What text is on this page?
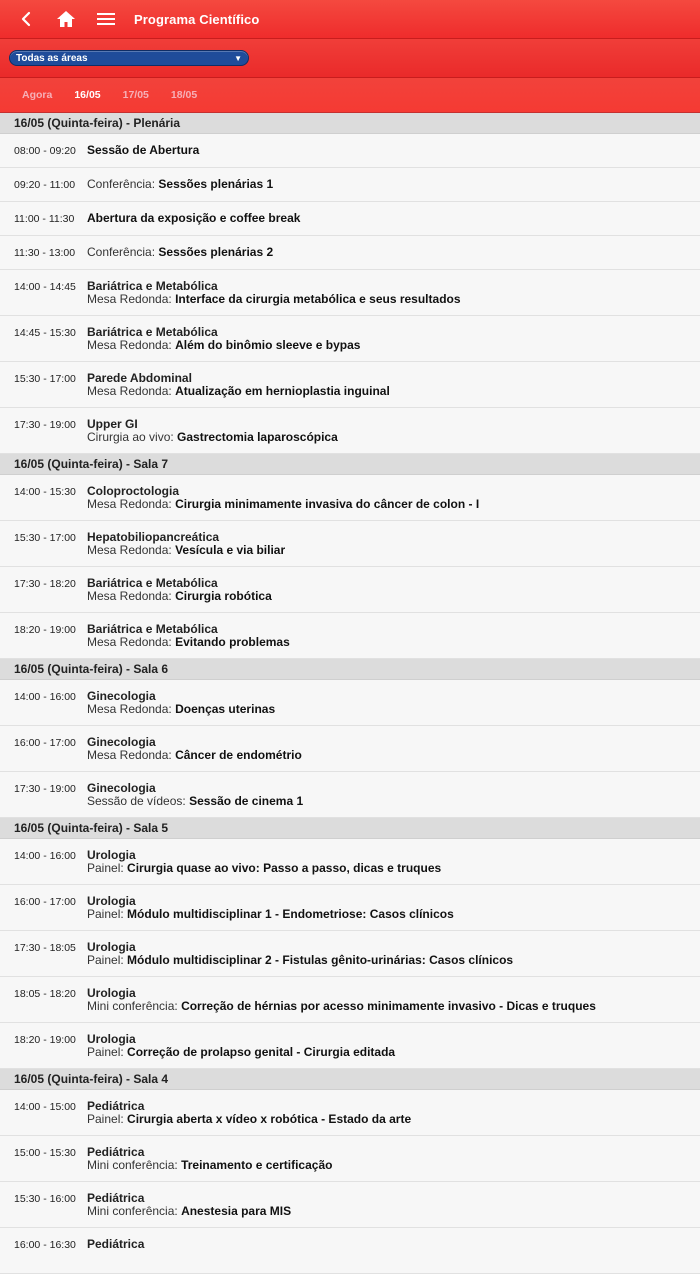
Programa Científico
Todas as áreas	▼
Agora 16/05 17/05 18/05
16/05 (Quinta-feira) - Plenária
08:00 - 09:20 Sessão de Abertura
09:20 - 11:00 Conferência: Sessões plenárias 1
11:00 - 11:30	Abertura da exposição e coffee break
11:30 - 13:00 Conferência: Sessões plenárias 2
14:00 - 14:45 Bariátrica e Metabólica
Mesa Redonda: Interface da cirurgia metabólica e seus resultados
14:45 - 15:30 Bariátrica e Metabólica
Mesa Redonda: Além do binômio sleeve e bypas
15:30 - 17:00 Parede Abdominal
Mesa Redonda: Atualização em hernioplastia inguinal
17:30 - 19:00 Upper GI
Cirurgia ao vivo: Gastrectomia laparoscópica
16/05 (Quinta-feira) - Sala 7
14:00 - 15:30 Coloproctologia
Mesa Redonda: Cirurgia minimamente invasiva do câncer de colon - I
15:30 - 17:00 Hepatobiliopancreática
Mesa Redonda: Vesícula e via biliar
17:30 - 18:20 Bariátrica e Metabólica
Mesa Redonda: Cirurgia robótica
18:20 - 19:00 Bariátrica e Metabólica
Mesa Redonda: Evitando problemas
16/05 (Quinta-feira) - Sala 6
14:00 - 16:00 Ginecologia
Mesa Redonda: Doenças uterinas
16:00 - 17:00 Ginecologia
Mesa Redonda: Câncer de endométrio
17:30 - 19:00 Ginecologia
Sessão de vídeos: Sessão de cinema 1
16/05 (Quinta-feira) - Sala 5
14:00 - 16:00 Urologia
Painel: Cirurgia quase ao vivo: Passo a passo, dicas e truques
16:00 - 17:00 Urologia
Painel: Módulo multidisciplinar 1 - Endometriose: Casos clínicos
17:30 - 18:05 Urologia
Painel: Módulo multidisciplinar 2 - Fistulas gênito-urinárias: Casos clínicos
18:05 - 18:20 Urologia
Mini conferência: Correção de hérnias por acesso minimamente invasivo - Dicas e truques
18:20 - 19:00 Urologia
Painel: Correção de prolapso genital - Cirurgia editada
16/05 (Quinta-feira) - Sala 4
14:00 - 15:00 Pediátrica
Painel: Cirurgia aberta x vídeo x robótica - Estado da arte
15:00 - 15:30 Pediátrica
Mini conferência: Treinamento e certificação
15:30 - 16:00 Pediátrica
Mini conferência: Anestesia para MIS
16:00 - 16:30 Pediátrica
